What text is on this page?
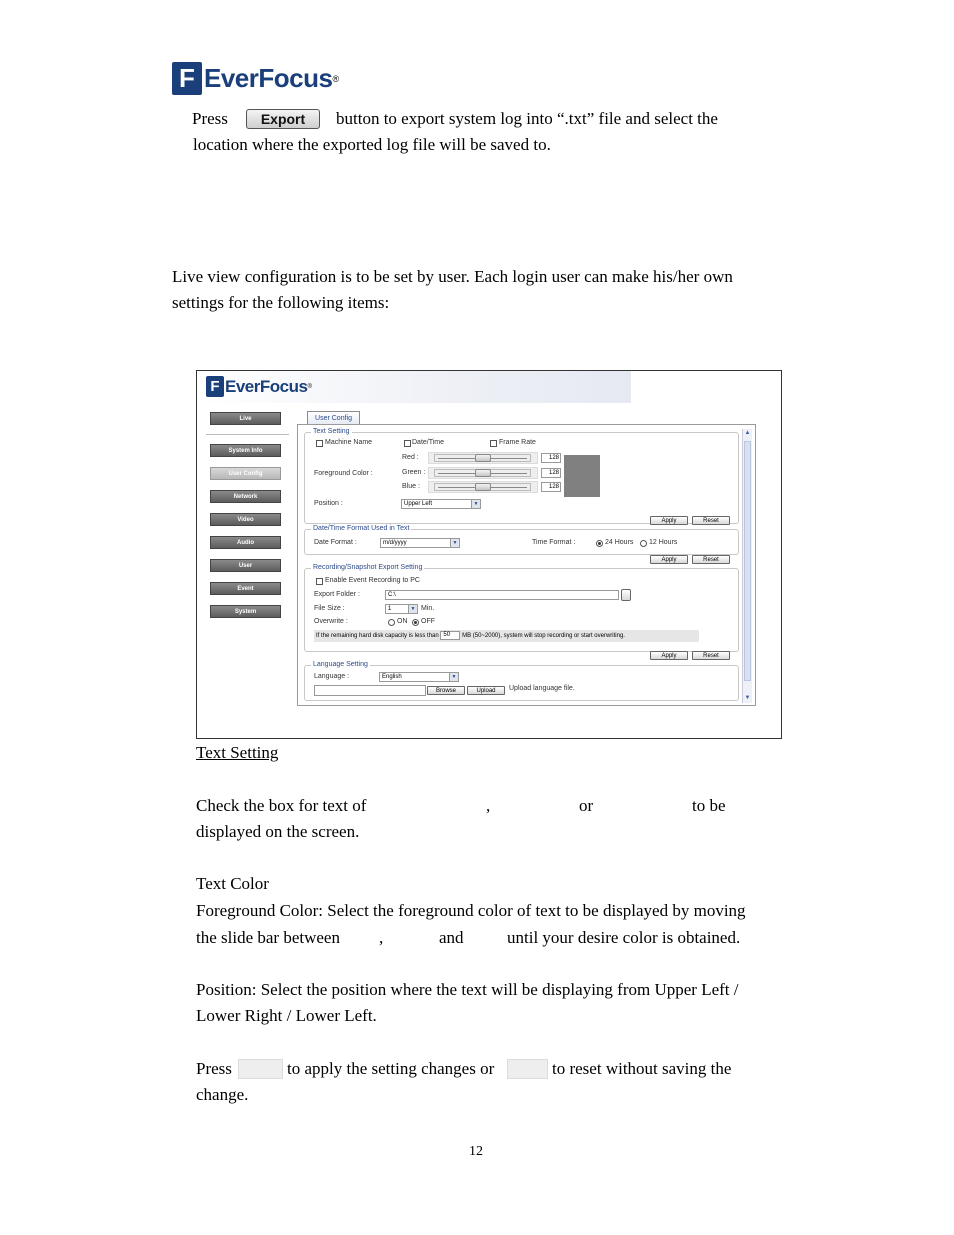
F EverFocus ®
Press	Export	button to export system log into “.txt” file and select the
location where the exported log file will be saved to.
Live view configuration is to be set by user. Each login user can make his/her own
settings for the following items:
F EverFocus ®
Live
System Info
User Config
Network
Video
Audio
User
Event
System
User Config
▲
▼
Text Setting
Machine Name	Date/Time	Frame Rate
Foreground Color :
Red :
Green :
Blue :
128
128
128
Position :	Upper Left	▼
Apply	Reset
Date/Time Format Used in Text
Date Format :	m/d/yyyy	▼	Time Format :	24 Hours 12 Hours
Apply	Reset
Recording/Snapshot Export Setting
Enable Event Recording to PC
Export Folder :	C:\
File Size :	1	▼ Min.
Overwrite :	ON OFF
If the remaining hard disk capacity is less than 50 MB (50~2000), system will stop recording or start overwriting.
Apply	Reset
Language Setting
Language :	English	▼
Browse	Upload	Upload language file.
Text Setting
Check the box for text of	,	or	to be
displayed on the screen.
Text Color
Foreground Color: Select the foreground color of text to be displayed by moving
the slide bar between ,	and	until your desire color is obtained.
Position: Select the position where the text will be displaying from Upper Left /
Lower Right / Lower Left.
Press	to apply the setting changes or	to reset without saving the
change.
12
